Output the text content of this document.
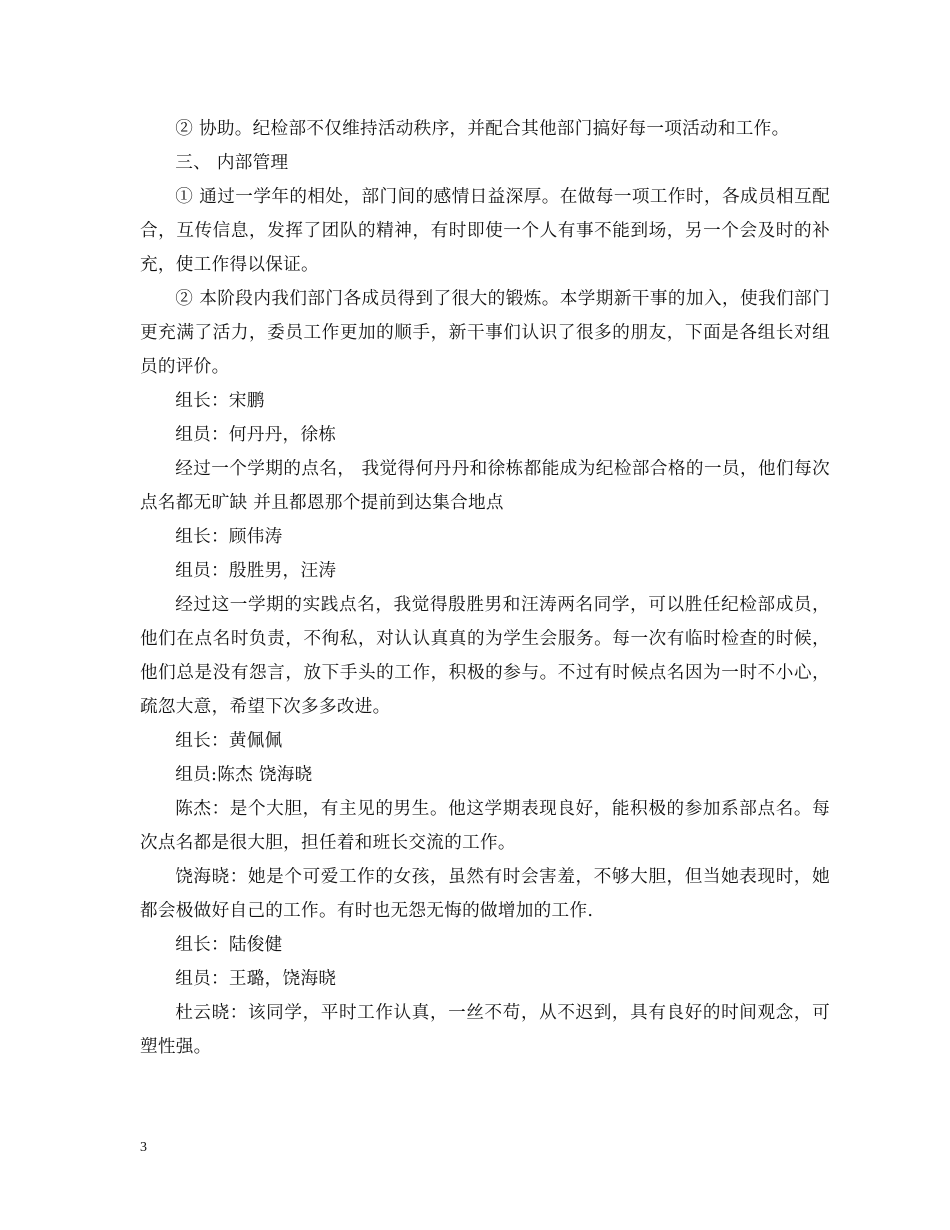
② 协助。纪检部不仅维持活动秩序，并配合其他部门搞好每一项活动和工作。

三、 内部管理

① 通过一学年的相处，部门间的感情日益深厚。在做每一项工作时，各成员相互配合，互传信息，发挥了团队的精神，有时即使一个人有事不能到场，另一个会及时的补充，使工作得以保证。

② 本阶段内我们部门各成员得到了很大的锻炼。本学期新干事的加入，使我们部门更充满了活力，委员工作更加的顺手，新干事们认识了很多的朋友，下面是各组长对组员的评价。

组长：宋鹏

组员：何丹丹，徐栋

经过一个学期的点名， 我觉得何丹丹和徐栋都能成为纪检部合格的一员，他们每次点名都无旷缺 并且都恩那个提前到达集合地点

组长：顾伟涛

组员：殷胜男，汪涛

经过这一学期的实践点名，我觉得殷胜男和汪涛两名同学，可以胜任纪检部成员，他们在点名时负责，不徇私，对认认真真的为学生会服务。每一次有临时检查的时候，他们总是没有怨言，放下手头的工作，积极的参与。不过有时候点名因为一时不小心，疏忽大意，希望下次多多改进。

组长：黄佩佩

组员:陈杰 饶海晓

陈杰：是个大胆，有主见的男生。他这学期表现良好，能积极的参加系部点名。每次点名都是很大胆，担任着和班长交流的工作。

饶海晓：她是个可爱工作的女孩，虽然有时会害羞，不够大胆，但当她表现时，她都会极做好自己的工作。有时也无怨无悔的做增加的工作.

组长：陆俊健

组员：王璐，饶海晓

杜云晓：该同学，平时工作认真，一丝不苟，从不迟到，具有良好的时间观念，可塑性强。

3
